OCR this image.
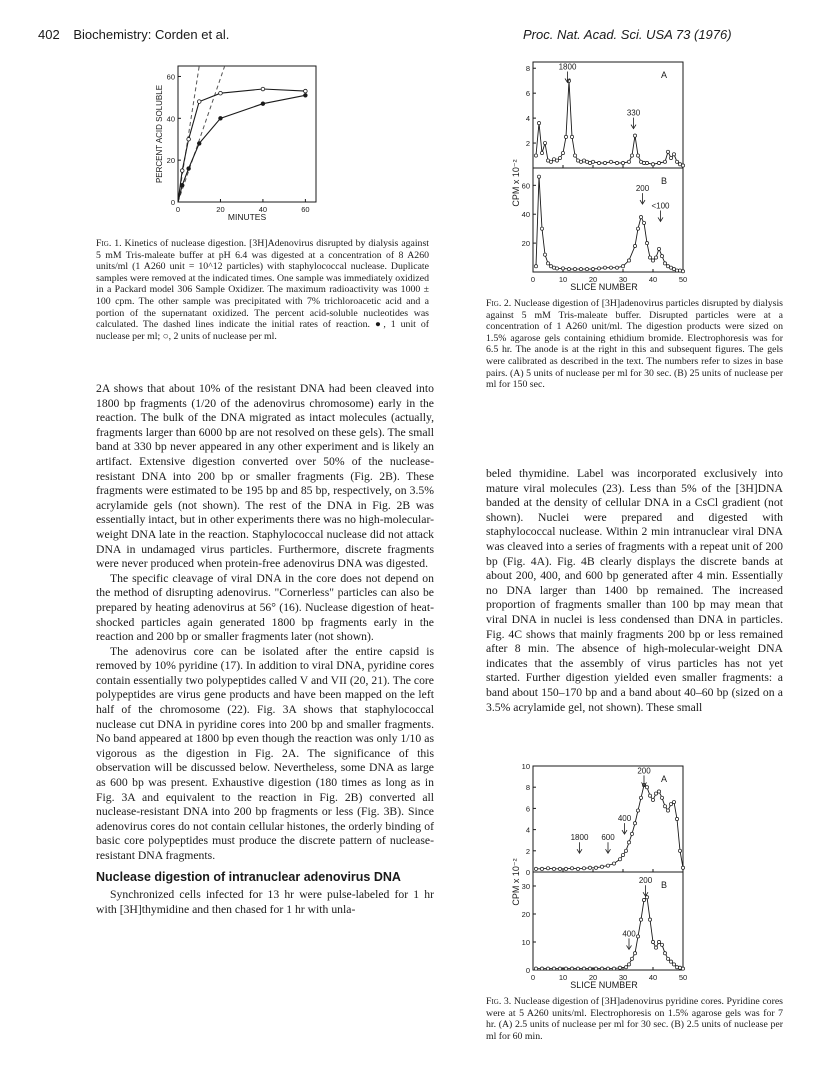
402 Biochemistry: Corden et al.	Proc. Nat. Acad. Sci. USA 73 (1976)
PERCENT ACID SOLUBLE
MINUTES
0	20	40	60
0
20
40
60
Fig. 1. Kinetics of nuclease digestion. [3H]Adenovirus disrupted by dialysis against 5 mM Tris-maleate buffer at pH 6.4 was digested at a concentration of 8 A260 units/ml (1 A260 unit = 10^12 particles) with staphylococcal nuclease. Duplicate samples were removed at the indicated times. One sample was immediately oxidized in a Packard model 306 Sample Oxidizer. The maximum radioactivity was 1000 ± 100 cpm. The other sample was precipitated with 7% trichloroacetic acid and a portion of the supernatant oxidized. The percent acid-soluble nucleotides was calculated. The dashed lines indicate the initial rates of reaction. ●, 1 unit of nuclease per ml; ○, 2 units of nuclease per ml.
CPM x 10⁻²
SLICE NUMBER
A
2
4
6
8	1800
330
B
20
40
60
0	10	20	30	40	50
200
<100
Fig. 2. Nuclease digestion of [3H]adenovirus particles disrupted by dialysis against 5 mM Tris-maleate buffer. Disrupted particles were at a concentration of 1 A260 unit/ml. The digestion products were sized on 1.5% agarose gels containing ethidium bromide. Electrophoresis was for 6.5 hr. The anode is at the right in this and subsequent figures. The gels were calibrated as described in the text. The numbers refer to sizes in base pairs. (A) 5 units of nuclease per ml for 30 sec. (B) 25 units of nuclease per ml for 150 sec.
CPM x 10⁻²
SLICE NUMBER
A
0
2
4
6
8
10
1800 600
400
200
B
0
10
20
30
0	10	20	30	40	50
400
200
Fig. 3. Nuclease digestion of [3H]adenovirus pyridine cores. Pyridine cores were at 5 A260 units/ml. Electrophoresis on 1.5% agarose gels was for 7 hr. (A) 2.5 units of nuclease per ml for 30 sec. (B) 2.5 units of nuclease per ml for 60 min.

2A shows that about 10% of the resistant DNA had been cleaved into 1800 bp fragments (1/20 of the adenovirus chromosome) early in the reaction. The bulk of the DNA migrated as intact molecules (actually, fragments larger than 6000 bp are not resolved on these gels). The small band at 330 bp never appeared in any other experiment and is likely an artifact. Extensive digestion converted over 50% of the nuclease-resistant DNA into 200 bp or smaller fragments (Fig. 2B). These fragments were estimated to be 195 bp and 85 bp, respectively, on 3.5% acrylamide gels (not shown). The rest of the DNA in Fig. 2B was essentially intact, but in other experiments there was no high-molecular-weight DNA late in the reaction. Staphylococcal nuclease did not attack DNA in undamaged virus particles. Furthermore, discrete fragments were never produced when protein-free adenovirus DNA was digested.

The specific cleavage of viral DNA in the core does not depend on the method of disrupting adenovirus. "Cornerless" particles can also be prepared by heating adenovirus at 56° (16). Nuclease digestion of heat-shocked particles again generated 1800 bp fragments early in the reaction and 200 bp or smaller fragments later (not shown).

The adenovirus core can be isolated after the entire capsid is removed by 10% pyridine (17). In addition to viral DNA, pyridine cores contain essentially two polypeptides called V and VII (20, 21). The core polypeptides are virus gene products and have been mapped on the left half of the chromosome (22). Fig. 3A shows that staphylococcal nuclease cut DNA in pyridine cores into 200 bp and smaller fragments. No band appeared at 1800 bp even though the reaction was only 1/10 as vigorous as the digestion in Fig. 2A. The significance of this observation will be discussed below. Nevertheless, some DNA as large as 600 bp was present. Exhaustive digestion (180 times as long as in Fig. 3A and equivalent to the reaction in Fig. 2B) converted all nuclease-resistant DNA into 200 bp fragments or less (Fig. 3B). Since adenovirus cores do not contain cellular histones, the orderly binding of basic core polypeptides must produce the discrete pattern of nuclease-resistant DNA fragments.

Nuclease digestion of intranuclear adenovirus DNA

Synchronized cells infected for 13 hr were pulse-labeled for 1 hr with [3H]thymidine and then chased for 1 hr with unla-

beled thymidine. Label was incorporated exclusively into mature viral molecules (23). Less than 5% of the [3H]DNA banded at the density of cellular DNA in a CsCl gradient (not shown). Nuclei were prepared and digested with staphylococcal nuclease. Within 2 min intranuclear viral DNA was cleaved into a series of fragments with a repeat unit of 200 bp (Fig. 4A). Fig. 4B clearly displays the discrete bands at about 200, 400, and 600 bp generated after 4 min. Essentially no DNA larger than 1400 bp remained. The increased proportion of fragments smaller than 100 bp may mean that viral DNA in nuclei is less condensed than DNA in particles. Fig. 4C shows that mainly fragments 200 bp or less remained after 8 min. The absence of high-molecular-weight DNA indicates that the assembly of virus particles has not yet started. Further digestion yielded even smaller fragments: a band about 150–170 bp and a band about 40–60 bp (sized on a 3.5% acrylamide gel, not shown). These small
